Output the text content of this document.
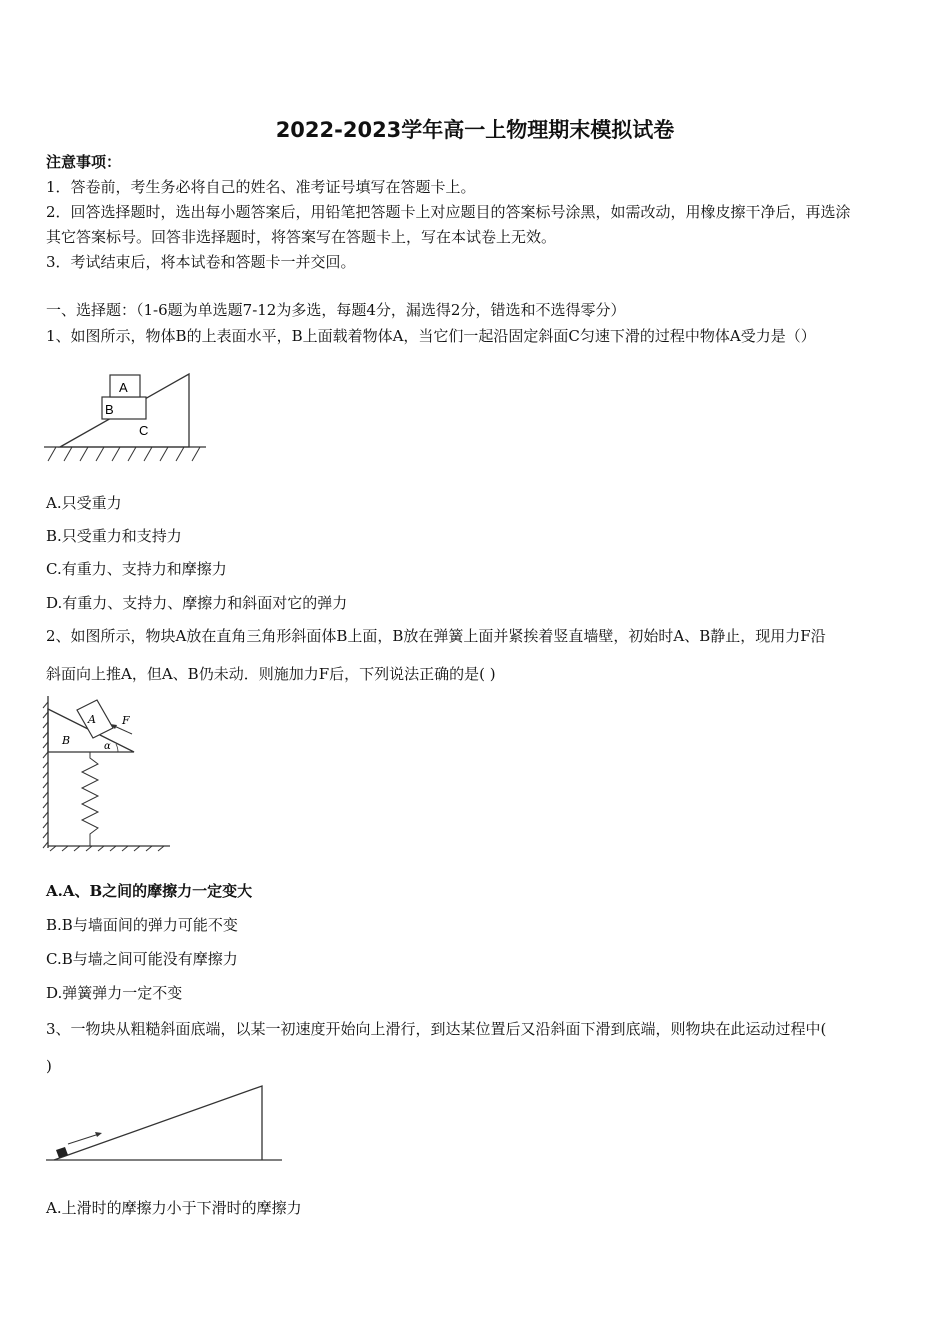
2022-2023学年高一上物理期末模拟试卷
注意事项：
1．答卷前，考生务必将自己的姓名、准考证号填写在答题卡上。
2．回答选择题时，选出每小题答案后，用铅笔把答题卡上对应题目的答案标号涂黑，如需改动，用橡皮擦干净后，再选涂
其它答案标号。回答非选择题时，将答案写在答题卡上，写在本试卷上无效。
3．考试结束后，将本试卷和答题卡一并交回。
一、选择题：（1-6题为单选题7-12为多选，每题4分，漏选得2分，错选和不选得零分）
1、如图所示，物体B的上表面水平，B上面载着物体A，当它们一起沿固定斜面C匀速下滑的过程中物体A受力是（）
A
B
C
A.只受重力
B.只受重力和支持力
C.有重力、支持力和摩擦力
D.有重力、支持力、摩擦力和斜面对它的弹力
2、如图所示，物块A放在直角三角形斜面体B上面，B放在弹簧上面并紧挨着竖直墙壁，初始时A、B静止，现用力F沿
斜面向上推A，但A、B仍未动．则施加力F后，下列说法正确的是( )
A
B
F
α
A.A、B之间的摩擦力一定变大
B.B与墙面间的弹力可能不变
C.B与墙之间可能没有摩擦力
D.弹簧弹力一定不变
3、一物块从粗糙斜面底端，以某一初速度开始向上滑行，到达某位置后又沿斜面下滑到底端，则物块在此运动过程中(
)
A.上滑时的摩擦力小于下滑时的摩擦力
